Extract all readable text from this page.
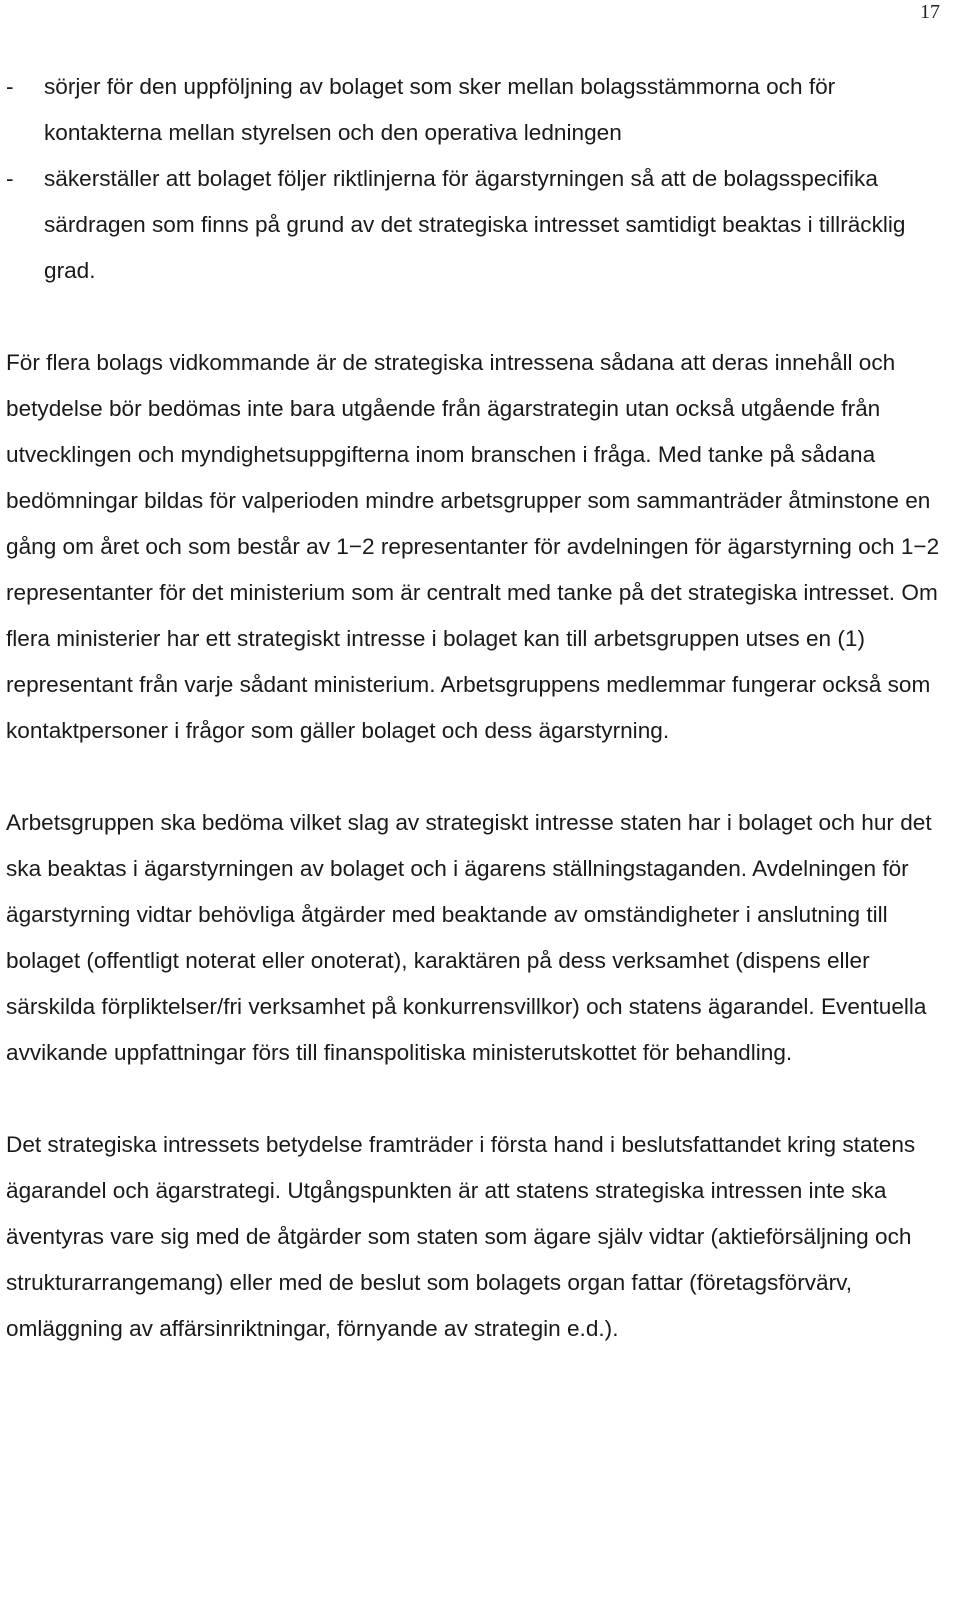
17
- sörjer för den uppföljning av bolaget som sker mellan bolagsstämmorna och för kontakterna mellan styrelsen och den operativa ledningen
- säkerställer att bolaget följer riktlinjerna för ägarstyrningen så att de bolagsspecifika särdragen som finns på grund av det strategiska intresset samtidigt beaktas i tillräcklig grad.

För flera bolags vidkommande är de strategiska intressena sådana att deras innehåll och betydelse bör bedömas inte bara utgående från ägarstrategin utan också utgående från utvecklingen och myndighetsuppgifterna inom branschen i fråga. Med tanke på sådana bedömningar bildas för valperioden mindre arbetsgrupper som sammanträder åtminstone en gång om året och som består av 1−2 representanter för avdelningen för ägarstyrning och 1−2 representanter för det ministerium som är centralt med tanke på det strategiska intresset. Om flera ministerier har ett strategiskt intresse i bolaget kan till arbetsgruppen utses en (1) representant från varje sådant ministerium. Arbetsgruppens medlemmar fungerar också som kontaktpersoner i frågor som gäller bolaget och dess ägarstyrning.

Arbetsgruppen ska bedöma vilket slag av strategiskt intresse staten har i bolaget och hur det ska beaktas i ägarstyrningen av bolaget och i ägarens ställningstaganden. Avdelningen för ägarstyrning vidtar behövliga åtgärder med beaktande av omständigheter i anslutning till bolaget (offentligt noterat eller onoterat), karaktären på dess verksamhet (dispens eller särskilda förpliktelser/fri verksamhet på konkurrensvillkor) och statens ägarandel. Eventuella avvikande uppfattningar förs till finanspolitiska ministerutskottet för behandling.

Det strategiska intressets betydelse framträder i första hand i beslutsfattandet kring statens ägarandel och ägarstrategi. Utgångspunkten är att statens strategiska intressen inte ska äventyras vare sig med de åtgärder som staten som ägare själv vidtar (aktieförsäljning och strukturarrangemang) eller med de beslut som bolagets organ fattar (företagsförvärv, omläggning av affärsinriktningar, förnyande av strategin e.d.).
